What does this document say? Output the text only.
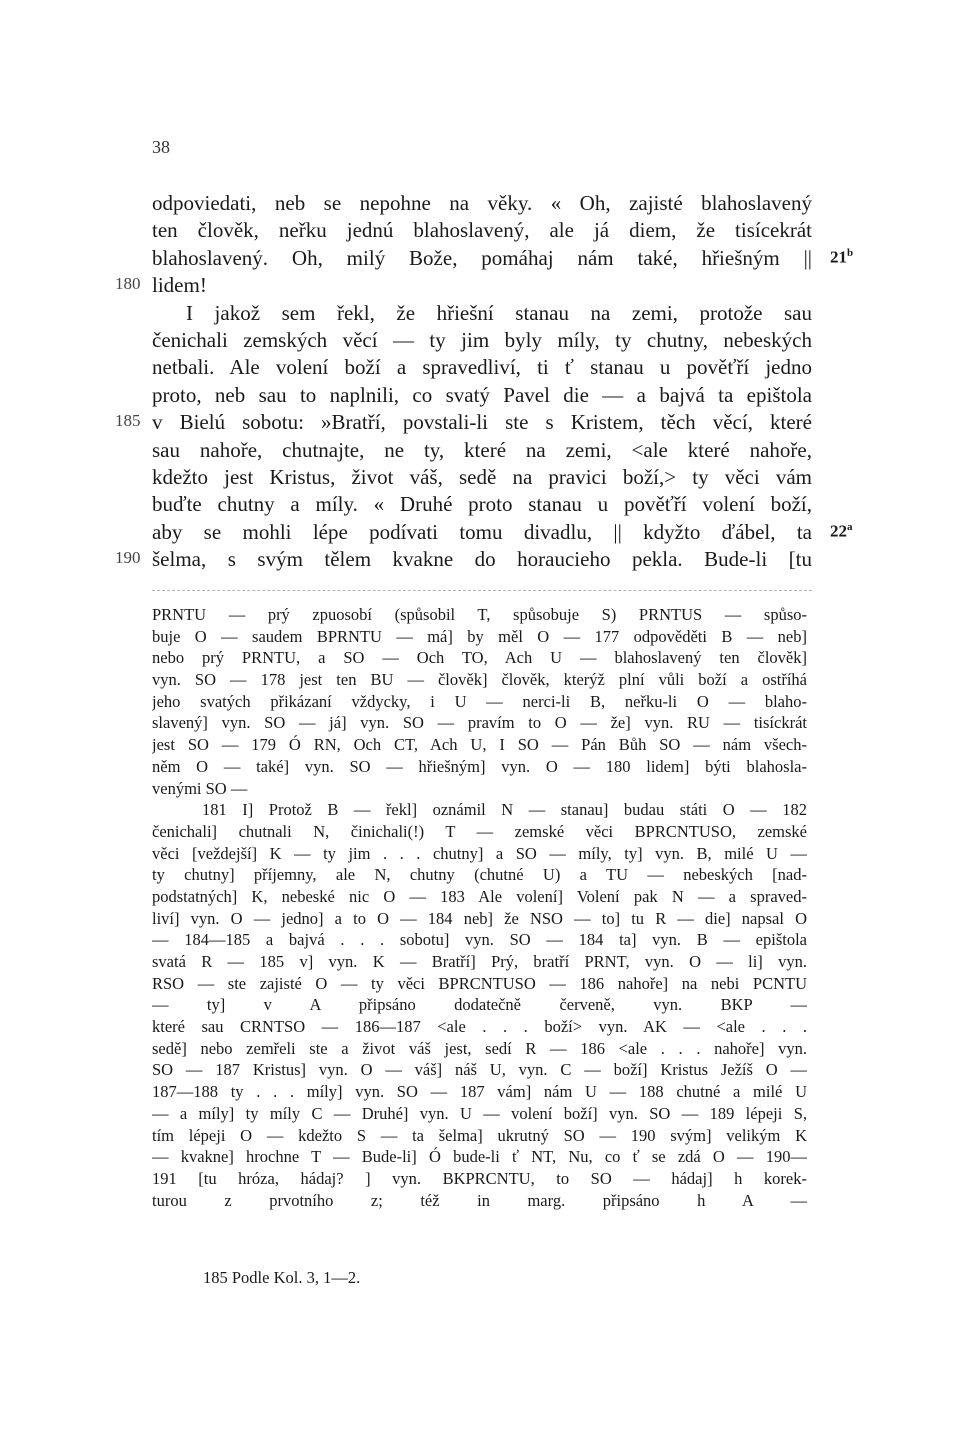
38
odpoviedati, neb se nepohne na věky. « Oh, zajisté blahoslavený
ten člověk, neřku jednú blahoslavený, ale já diem, že tisícekrát
blahoslavený. Oh, milý Bože, pomáhaj nám také, hřiešným ||
lidem!
I jakož sem řekl, že hřiešní stanau na zemi, protože sau
čenichali zemských věcí — ty jim byly míly, ty chutny, nebeských
netbali. Ale volení boží a spravedliví, ti ť stanau u pověťří jedno
proto, neb sau to naplnili, co svatý Pavel die — a bajvá ta epištola
v Bielú sobotu: »Bratří, povstali-li ste s Kristem, těch věcí, které
sau nahoře, chutnajte, ne ty, které na zemi, <ale které nahoře,
kdežto jest Kristus, život váš, sedě na pravici boží,> ty věci vám
buďte chutny a míly. « Druhé proto stanau u pověťří volení boží,
aby se mohli lépe podívati tomu divadlu, || kdyžto ďábel, ta
šelma, s svým tělem kvakne do horaucieho pekla. Bude-li [tu
180
185
190
21$^b$
22$^a$
PRNTU — prý zpuosobí (spůsobil T, spůsobuje S) PRNTUS — spůso-
buje O — saudem BPRNTU — má] by měl O — 177 odpověděti B — neb]
nebo prý PRNTU, a SO — Och TO, Ach U — blahoslavený ten člověk]
vyn. SO — 178 jest ten BU — člověk] člověk, kterýž plní vůli boží a ostříhá
jeho svatých přikázaní vždycky, i U — nerci-li B, neřku-li O — blaho-
slavený] vyn. SO — já] vyn. SO — pravím to O — že] vyn. RU — tisíckrát
jest SO — 179 Ó RN, Och CT, Ach U, I SO — Pán Bůh SO — nám všech-
něm O — také] vyn. SO — hřiešným] vyn. O — 180 lidem] býti blahosla-
venými SO —
181 I] Protož B — řekl] oznámil N — stanau] budau státi O — 182
čenichali] chutnali N, činichali(!) T — zemské věci BPRCNTUSO, zemské
věci [veždejší] K — ty jim . . . chutny] a SO — míly, ty] vyn. B, milé U —
ty chutny] příjemny, ale N, chutny (chutné U) a TU — nebeských [nad-
podstatných] K, nebeské nic O — 183 Ale volení] Volení pak N — a spraved-
liví] vyn. O — jedno] a to O — 184 neb] že NSO — to] tu R — die] napsal O
— 184—185 a bajvá . . . sobotu] vyn. SO — 184 ta] vyn. B — epištola
svatá R — 185 v] vyn. K — Bratří] Prý, bratří PRNT, vyn. O — li] vyn.
RSO — ste zajisté O — ty věci BPRCNTUSO — 186 nahoře] na nebi PCNTU
— ty] v A připsáno dodatečně červeně, vyn. BKP —
které sau CRNTSO — 186—187 <ale . . . boží> vyn. AK — <ale . . .
sedě] nebo zemřeli ste a život váš jest, sedí R — 186 <ale . . . nahoře] vyn.
SO — 187 Kristus] vyn. O — váš] náš U, vyn. C — boží] Kristus Ježíš O —
187—188 ty . . . míly] vyn. SO — 187 vám] nám U — 188 chutné a milé U
— a míly] ty míly C — Druhé] vyn. U — volení boží] vyn. SO — 189 lépeji S,
tím lépeji O — kdežto S — ta šelma] ukrutný SO — 190 svým] velikým K
— kvakne] hrochne T — Bude-li] Ó bude-li ť NT, Nu, co ť se zdá O — 190—
191 [tu hróza, hádaj? ] vyn. BKPRCNTU, to SO — hádaj] h korek-
turou z prvotního z; též in marg. připsáno h A —
185 Podle Kol. 3, 1—2.
